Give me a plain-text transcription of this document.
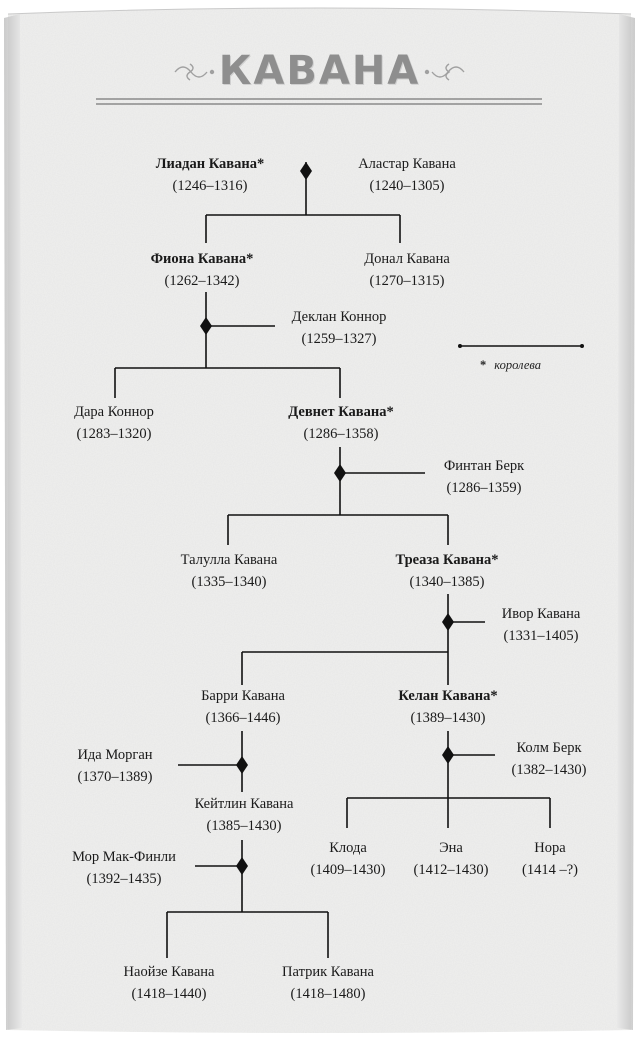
КАВАНА
* королева
Лиадан Кавана*
(1246–1316)
Аластар Кавана
(1240–1305)
Фиона Кавана*
(1262–1342)
Донал Кавана
(1270–1315)
Деклан Коннор
(1259–1327)
Дара Коннор
(1283–1320)
Девнет Кавана*
(1286–1358)
Финтан Берк
(1286–1359)
Талулла Кавана
(1335–1340)
Треаза Кавана*
(1340–1385)
Ивор Кавана
(1331–1405)
Барри Кавана
(1366–1446)
Келан Кавана*
(1389–1430)
Ида Морган
(1370–1389)
Колм Берк
(1382–1430)
Кейтлин Кавана
(1385–1430)
Клода
(1409–1430)
Эна
(1412–1430)
Нора
(1414 –?)
Мор Мак-Финли
(1392–1435)
Наойзе Кавана
(1418–1440)
Патрик Кавана
(1418–1480)
